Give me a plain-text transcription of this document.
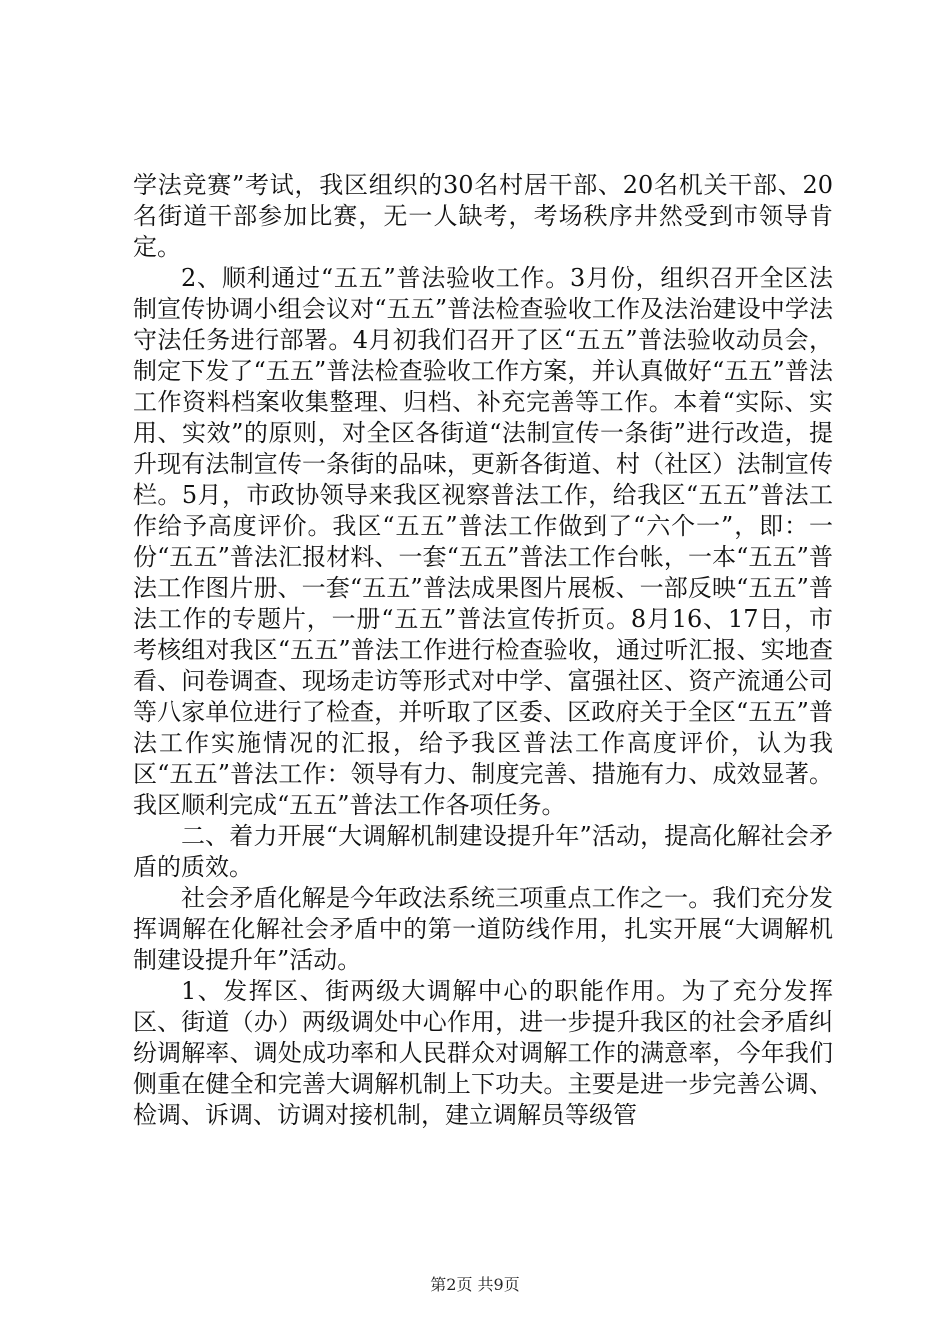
学法竞赛”考试，我区组织的30名村居干部、20名机关干部、20名街道干部参加比赛，无一人缺考，考场秩序井然受到市领导肯定。

2、顺利通过“五五”普法验收工作。3月份，组织召开全区法制宣传协调小组会议对“五五”普法检查验收工作及法治建设中学法守法任务进行部署。4月初我们召开了区“五五”普法验收动员会，制定下发了“五五”普法检查验收工作方案，并认真做好“五五”普法工作资料档案收集整理、归档、补充完善等工作。本着“实际、实用、实效”的原则，对全区各街道“法制宣传一条街”进行改造，提升现有法制宣传一条街的品味，更新各街道、村（社区）法制宣传栏。5月，市政协领导来我区视察普法工作，给我区“五五”普法工作给予高度评价。我区“五五”普法工作做到了“六个一”，即：一份“五五”普法汇报材料、一套“五五”普法工作台帐，一本“五五”普法工作图片册、一套“五五”普法成果图片展板、一部反映“五五”普法工作的专题片，一册“五五”普法宣传折页。8月16、17日，市考核组对我区“五五”普法工作进行检查验收，通过听汇报、实地查看、问卷调查、现场走访等形式对中学、富强社区、资产流通公司等八家单位进行了检查，并听取了区委、区政府关于全区“五五”普法工作实施情况的汇报，给予我区普法工作高度评价，认为我区“五五”普法工作：领导有力、制度完善、措施有力、成效显著。我区顺利完成“五五”普法工作各项任务。

二、着力开展“大调解机制建设提升年”活动，提高化解社会矛盾的质效。

社会矛盾化解是今年政法系统三项重点工作之一。我们充分发挥调解在化解社会矛盾中的第一道防线作用，扎实开展“大调解机制建设提升年”活动。

1、发挥区、街两级大调解中心的职能作用。为了充分发挥区、街道（办）两级调处中心作用，进一步提升我区的社会矛盾纠纷调解率、调处成功率和人民群众对调解工作的满意率，今年我们侧重在健全和完善大调解机制上下功夫。主要是进一步完善公调、检调、诉调、访调对接机制，建立调解员等级管

第2页 共9页
